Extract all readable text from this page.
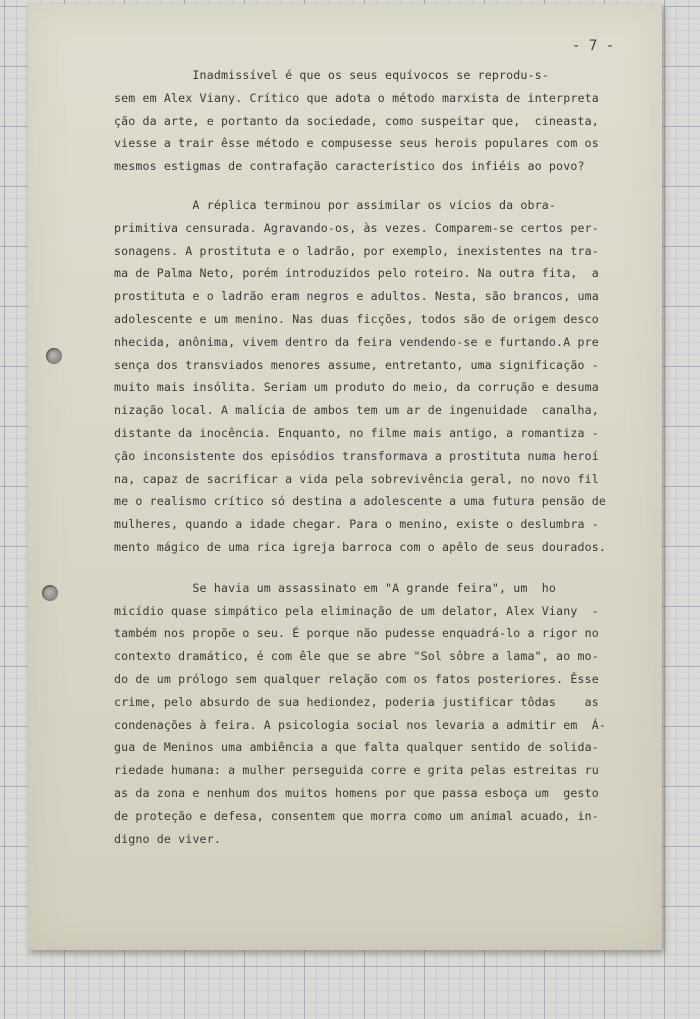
- 7 -
Inadmissível é que os seus equívocos se reprodu-s-
sem em Alex Viany. Crítico que adota o método marxista de interpreta
ção da arte, e portanto da sociedade, como suspeitar que,  cineasta,
viesse a trair êsse método e compusesse seus herois populares com os
mesmos estigmas de contrafação característico dos infiéis ao povo?
A réplica terminou por assimilar os vícios da obra-
primitiva censurada. Agravando-os, às vezes. Comparem-se certos per-
sonagens. A prostituta e o ladrão, por exemplo, inexistentes na tra-
ma de Palma Neto, porém introduzidos pelo roteiro. Na outra fita,  a
prostituta e o ladrão eram negros e adultos. Nesta, são brancos, uma
adolescente e um menino. Nas duas ficções, todos são de origem desco
nhecida, anônima, vivem dentro da feira vendendo-se e furtando.A pre
sença dos transviados menores assume, entretanto, uma significação -
muito mais insólita. Seriam um produto do meio, da corrução e desuma
nização local. A malícia de ambos tem um ar de ingenuidade  canalha,
distante da inocência. Enquanto, no filme mais antigo, a romantiza -
ção inconsistente dos episódios transformava a prostituta numa heroí
na, capaz de sacrificar a vida pela sobrevivência geral, no novo fil
me o realismo crítico só destina a adolescente a uma futura pensão de
mulheres, quando a idade chegar. Para o menino, existe o deslumbra -
mento mágico de uma rica igreja barroca com o apêlo de seus dourados.
Se havia um assassinato em "A grande feira", um  ho
micídio quase simpático pela eliminação de um delator, Alex Viany  -
também nos propõe o seu. É porque não pudesse enquadrá-lo a rigor no
contexto dramático, é com êle que se abre "Sol sôbre a lama", ao mo-
do de um prólogo sem qualquer relação com os fatos posteriores. Êsse
crime, pelo absurdo de sua hediondez, poderia justificar tôdas    as
condenações à feira. A psicologia social nos levaria a admitir em  Á-
gua de Meninos uma ambiência a que falta qualquer sentido de solida-
riedade humana: a mulher perseguida corre e grita pelas estreitas ru
as da zona e nenhum dos muitos homens por que passa esboça um  gesto
de proteção e defesa, consentem que morra como um animal acuado, in-
digno de viver.
